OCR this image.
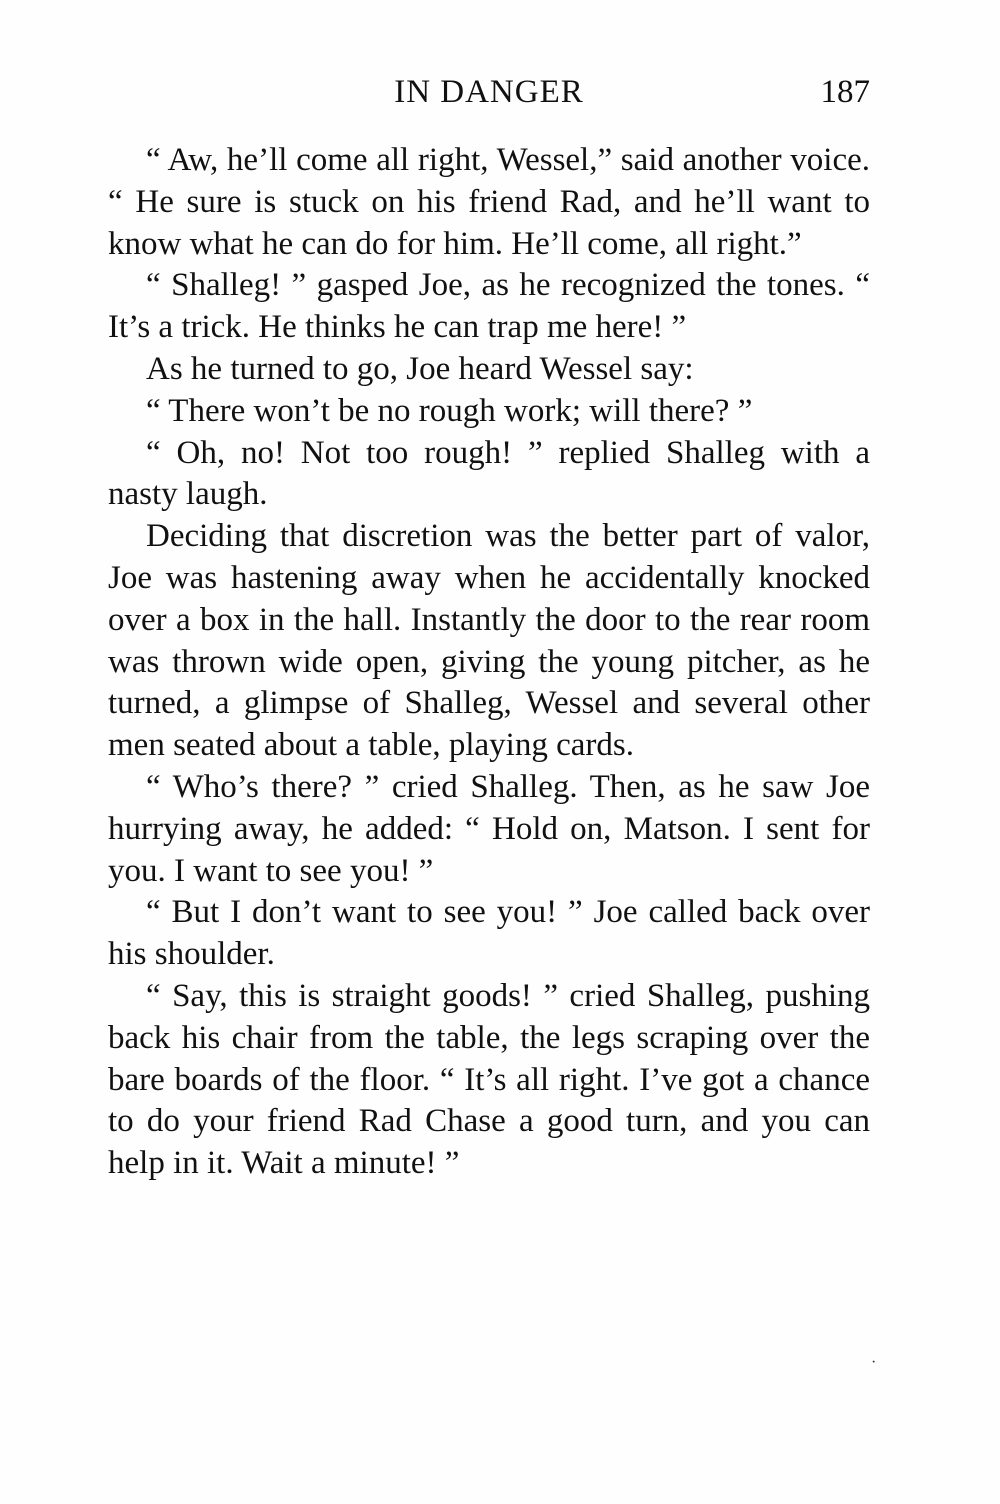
IN DANGER	187

“ Aw, he’ll come all right, Wessel,” said another voice. “ He sure is stuck on his friend Rad, and he’ll want to know what he can do for him. He’ll come, all right.”

“ Shalleg! ” gasped Joe, as he recognized the tones. “ It’s a trick. He thinks he can trap me here! ”

As he turned to go, Joe heard Wessel say:

“ There won’t be no rough work; will there? ”

“ Oh, no! Not too rough! ” replied Shalleg with a nasty laugh.

Deciding that discretion was the better part of valor, Joe was hastening away when he accidentally knocked over a box in the hall. Instantly the door to the rear room was thrown wide open, giving the young pitcher, as he turned, a glimpse of Shalleg, Wessel and several other men seated about a table, playing cards.

“ Who’s there? ” cried Shalleg. Then, as he saw Joe hurrying away, he added: “ Hold on, Matson. I sent for you. I want to see you! ”

“ But I don’t want to see you! ” Joe called back over his shoulder.

“ Say, this is straight goods! ” cried Shalleg, pushing back his chair from the table, the legs scraping over the bare boards of the floor. “ It’s all right. I’ve got a chance to do your friend Rad Chase a good turn, and you can help in it. Wait a minute! ”

·
